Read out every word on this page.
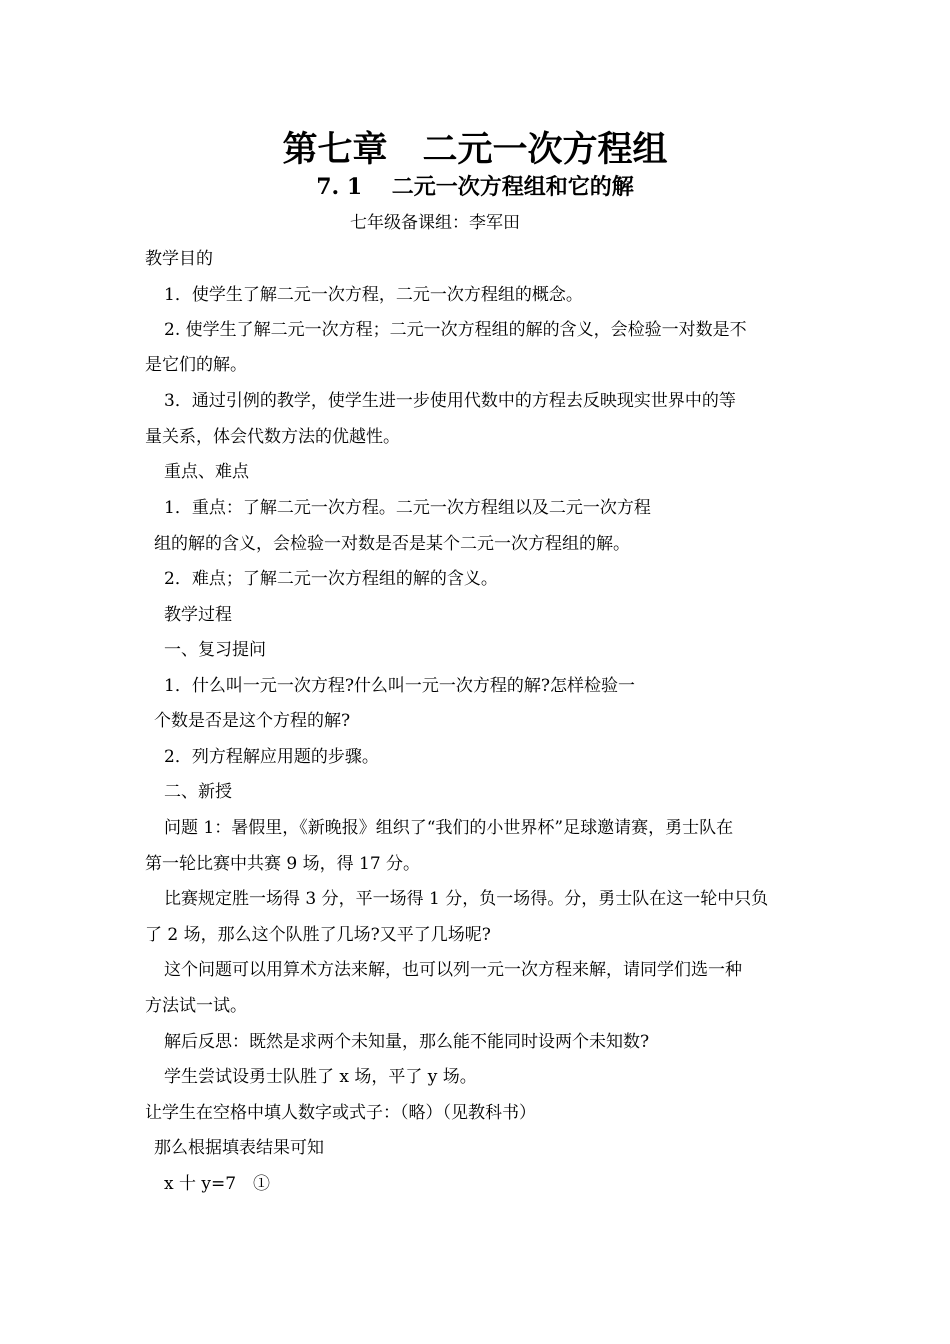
第七章　二元一次方程组
7. 1　 二元一次方程组和它的解
七年级备课组：李军田
教学目的
1．使学生了解二元一次方程，二元一次方程组的概念。
2. 使学生了解二元一次方程；二元一次方程组的解的含义，会检验一对数是不
是它们的解。
3．通过引例的教学，使学生进一步使用代数中的方程去反映现实世界中的等
量关系，体会代数方法的优越性。
重点、难点
1．重点：了解二元一次方程。二元一次方程组以及二元一次方程
组的解的含义，会检验一对数是否是某个二元一次方程组的解。
2．难点；了解二元一次方程组的解的含义。
教学过程
一、复习提问
1．什么叫一元一次方程?什么叫一元一次方程的解?怎样检验一
个数是否是这个方程的解?
2．列方程解应用题的步骤。
二、新授
问题 1：暑假里，《新晚报》组织了“我们的小世界杯”足球邀请赛，勇士队在
第一轮比赛中共赛 9 场，得 17 分。
比赛规定胜一场得 3 分，平一场得 1 分，负一场得。分，勇士队在这一轮中只负
了 2 场，那么这个队胜了几场?又平了几场呢?
这个问题可以用算术方法来解，也可以列一元一次方程来解，请同学们选一种
方法试一试。
解后反思：既然是求两个未知量，那么能不能同时设两个未知数?
学生尝试设勇士队胜了 x 场，平了 y 场。
让学生在空格中填人数字或式子：（略）（见教科书）
那么根据填表结果可知
x 十 y=7　①
